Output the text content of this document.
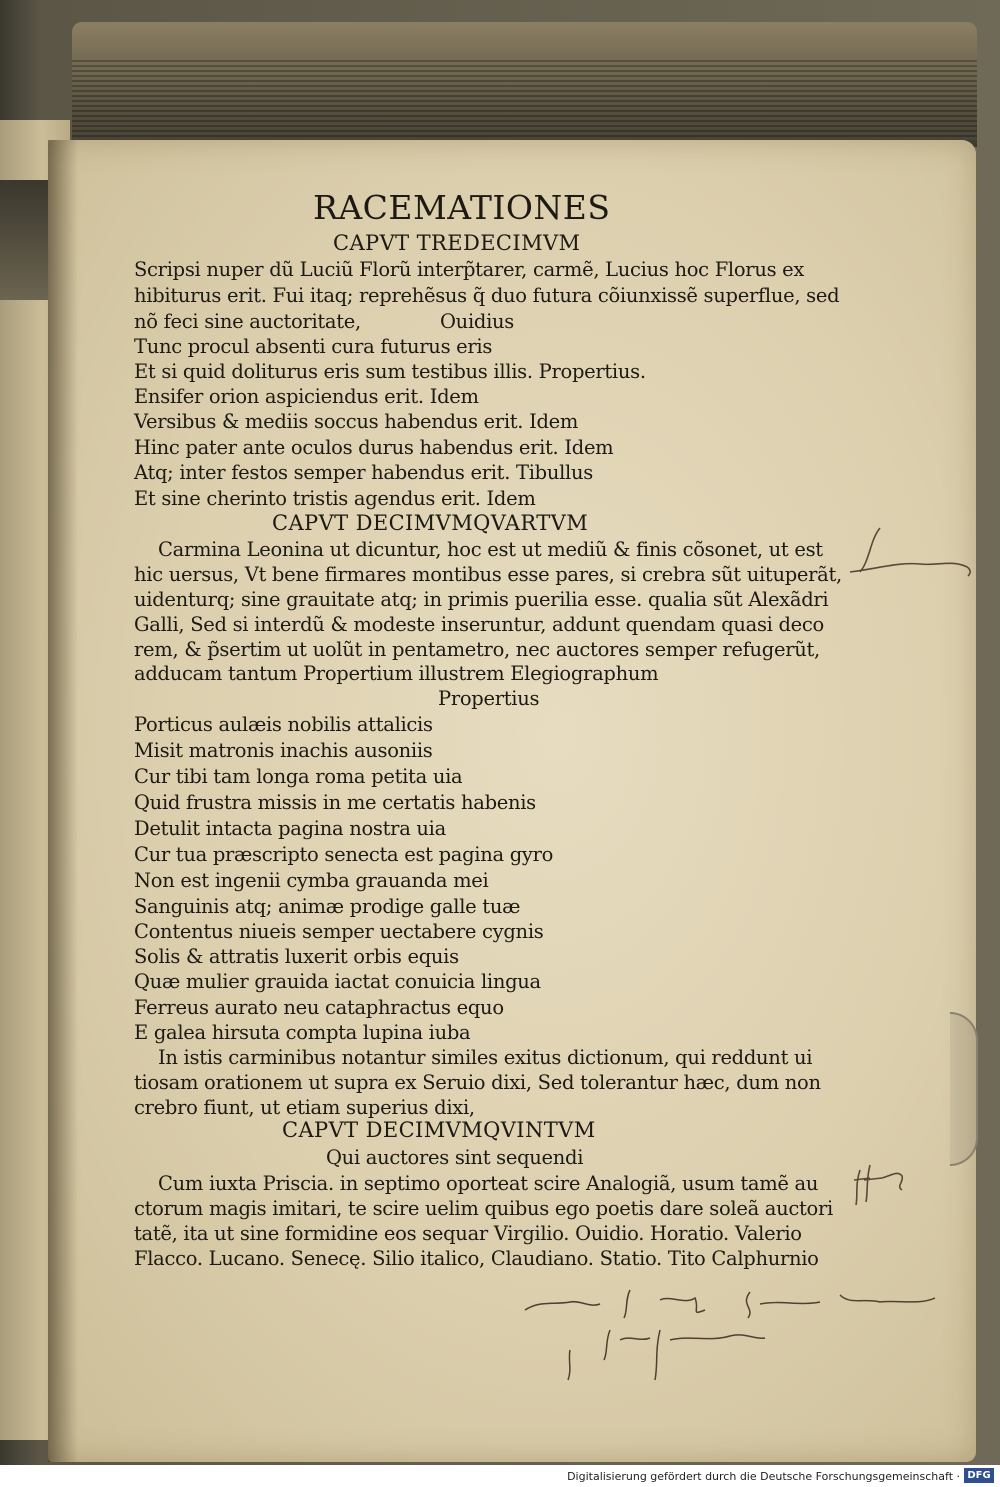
RACEMATIONES
CAPVT TREDECIMVM
Scripsi nuper dũ Luciũ Florũ interp̃tarer, carmẽ, Lucius hoc Florus ex
hibiturus erit. Fui itaq; reprehẽsus q̃ duo futura cõiunxissẽ superflue, sed
nõ feci sine auctoritate,	Ouidius
Tunc procul absenti cura futurus eris
Et si quid doliturus eris sum testibus illis. Propertius.
Ensifer orion aspiciendus erit. Idem
Versibus & mediis soccus habendus erit. Idem
Hinc pater ante oculos durus habendus erit. Idem
Atq; inter festos semper habendus erit. Tibullus
Et sine cherinto tristis agendus erit. Idem
CAPVT DECIMVMQVARTVM
Carmina Leonina ut dicuntur, hoc est ut mediũ & finis cõsonet, ut est
hic uersus, Vt bene firmares montibus esse pares, si crebra sũt uituperãt,
uidenturq; sine grauitate atq; in primis puerilia esse. qualia sũt Alexãdri
Galli, Sed si interdũ & modeste inseruntur, addunt quendam quasi deco
rem, & p̃sertim ut uolũt in pentametro, nec auctores semper refugerũt,
adducam tantum Propertium illustrem Elegiographum
Propertius
Porticus aulæis nobilis attalicis
Misit matronis inachis ausoniis
Cur tibi tam longa roma petita uia
Quid frustra missis in me certatis habenis
Detulit intacta pagina nostra uia
Cur tua præscripto senecta est pagina gyro
Non est ingenii cymba grauanda mei
Sanguinis atq; animæ prodige galle tuæ
Contentus niueis semper uectabere cygnis
Solis & attratis luxerit orbis equis
Quæ mulier grauida iactat conuicia lingua
Ferreus aurato neu cataphractus equo
E galea hirsuta compta lupina iuba
In istis carminibus notantur similes exitus dictionum, qui reddunt ui
tiosam orationem ut supra ex Seruio dixi, Sed tolerantur hæc, dum non
crebro fiunt, ut etiam superius dixi,
CAPVT DECIMVMQVINTVM
Qui auctores sint sequendi
Cum iuxta Priscia. in septimo oporteat scire Analogiã, usum tamẽ au
ctorum magis imitari, te scire uelim quibus ego poetis dare soleã auctori
tatẽ, ita ut sine formidine eos sequar Virgilio. Ouidio. Horatio. Valerio
Flacco. Lucano. Senecę. Silio italico, Claudiano. Statio. Tito Calphurnio
Digitalisierung gefördert durch die Deutsche Forschungsgemeinschaft · DFG
